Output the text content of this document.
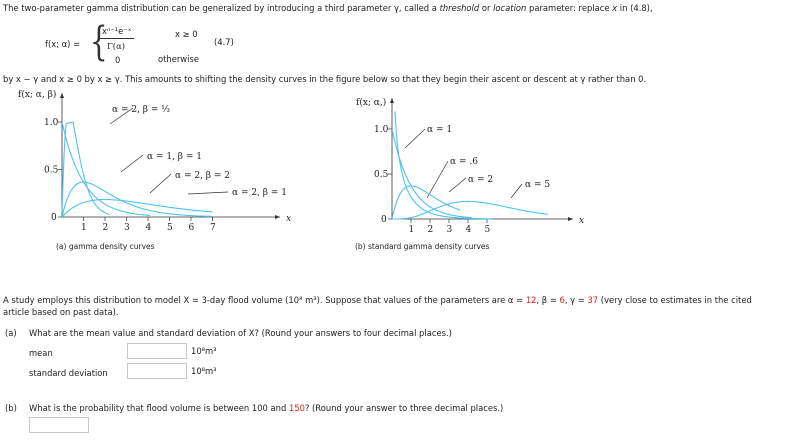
The two-parameter gamma distribution can be generalized by introducing a third parameter γ, called a threshold or location parameter: replace x in (4.8),
f(x; α) = {
xᵅ⁻¹e⁻ˣ
Γ(α)
x ≥ 0
(4.7)
0	otherwise
by x − γ and x ≥ 0 by x ≥ γ. This amounts to shifting the density curves in the figure below so that they begin their ascent or descent at γ rather than 0.
f(x; α, β)
x
1 2 3 4 5 6 7
0
0.5
1.0
α = 2, β = ⅓
α = 1, β = 1
α = 2, β = 2
α = 2, β = 1
f(x; α,)
x
1 2 3 4 5
0
0.5
1.0	α = 1
α = .6
α = 2	α = 5
(a) gamma density curves	(b) standard gamma density curves
A study employs this distribution to model X = 3-day flood volume (10⁸ m³). Suppose that values of the parameters are α = 12, β = 6, γ = 37 (very close to estimates in the cited
article based on past data).
(a) What are the mean value and standard deviation of X? (Round your answers to four decimal places.)
mean	10⁸m³
standard deviation	10⁸m³
(b) What is the probability that flood volume is between 100 and 150? (Round your answer to three decimal places.)
